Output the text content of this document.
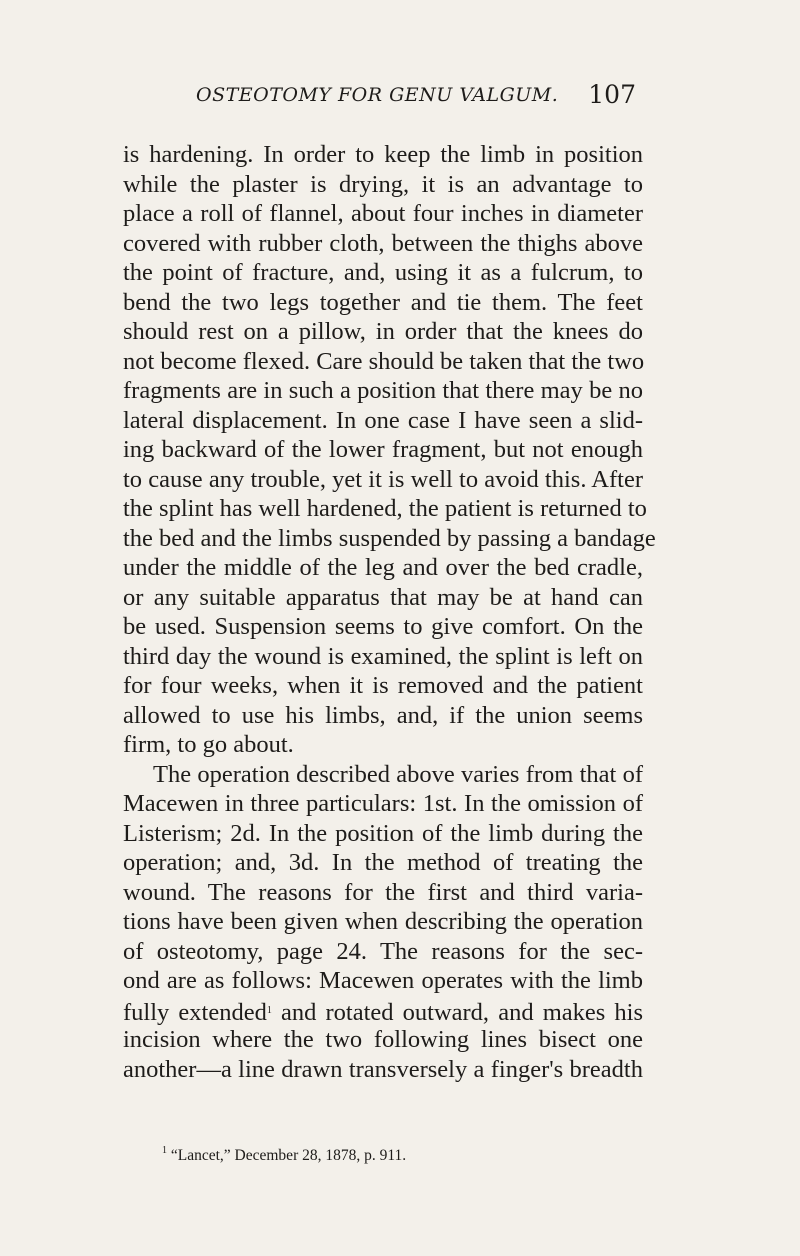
OSTEOTOMY FOR GENU VALGUM. 107
is hardening. In order to keep the limb in position
while the plaster is drying, it is an advantage to
place a roll of flannel, about four inches in diameter
covered with rubber cloth, between the thighs above
the point of fracture, and, using it as a fulcrum, to
bend the two legs together and tie them. The feet
should rest on a pillow, in order that the knees do
not become flexed. Care should be taken that the two
fragments are in such a position that there may be no
lateral displacement. In one case I have seen a slid-
ing backward of the lower fragment, but not enough
to cause any trouble, yet it is well to avoid this. After
the splint has well hardened, the patient is returned to
the bed and the limbs suspended by passing a bandage
under the middle of the leg and over the bed cradle,
or any suitable apparatus that may be at hand can
be used. Suspension seems to give comfort. On the
third day the wound is examined, the splint is left on
for four weeks, when it is removed and the patient
allowed to use his limbs, and, if the union seems
firm, to go about.
The operation described above varies from that of
Macewen in three particulars: 1st. In the omission of
Listerism; 2d. In the position of the limb during the
operation; and, 3d. In the method of treating the
wound. The reasons for the first and third varia-
tions have been given when describing the operation
of osteotomy, page 24. The reasons for the sec-
ond are as follows: Macewen operates with the limb
fully extended$^1$ and rotated outward, and makes his
incision where the two following lines bisect one
another—a line drawn transversely a finger's breadth
$^1$ “Lancet,” December 28, 1878, p. 911.
